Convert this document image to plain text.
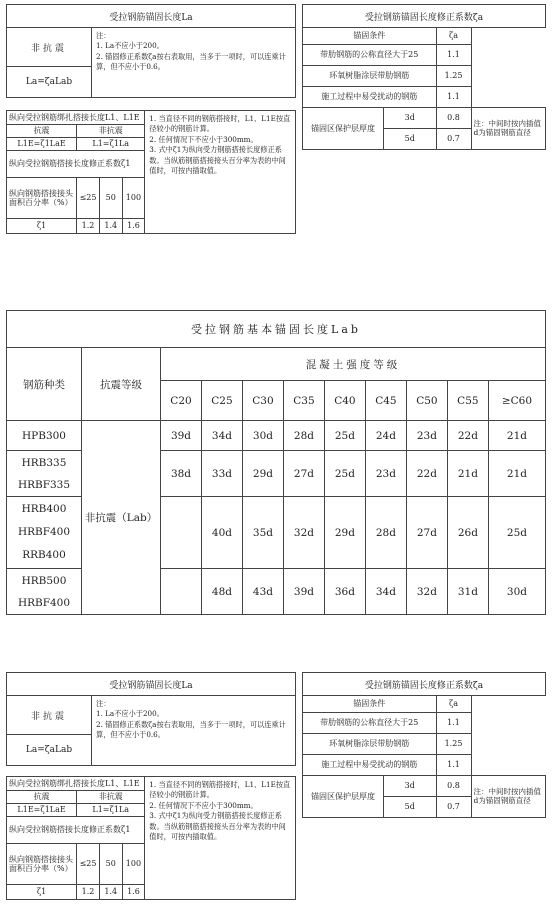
受拉钢筋锚固长度La
非抗震	
注：
1. La不应小于200。
2. 锚固修正系数ζa按右表取用，当多于一项时，可以连乘计算，但不应小于0.6。

La=ζaLab
纵向受拉钢筋绑扎搭接长度L1、L1E				1. 当直径不同的钢筋搭接时，L1、L1E按直径较小的钢筋计算。
2. 任何情况下不应小于300mm。
3. 式中ζ1为纵向受力钢筋搭接长度修正系数。当纵筋钢筋搭接接头百分率为表的中间值时，可按内插取值。

抗震	非抗震			
L1E=ζ1LaE	L1=ζ1La			
纵向受拉钢筋搭接长度修正系数ζ1				
纵向钢筋搭接接头面积百分率（%）	≤25	50	100	
ζ1	1.2	1.4	1.6	
受拉钢筋锚固长度修正系数ζa			
锚固条件		ζa	
带肋钢筋的公称直径大于25		1.1	
环氧树脂涂层带肋钢筋		1.25	
施工过程中易受扰动的钢筋		1.1	
锚固区保护层厚度	3d	0.8	注：中间时按内插值d为锚固钢筋直径
	5d	0.7	
受拉钢筋基本锚固长度Lab										
钢筋种类	抗震等级	混凝土强度等级								
		C20	C25	C30	C35	C40	C45	C50	C55	≥C60

HPB300	非抗震（Lab）	39d	34d	30d	28d	25d	24d	23d	22d	21d

HRB335
HRBF335		38d	33d	29d	27d	25d	23d	22d	21d	21d

HRB400
HRBF400
RRB400			40d	35d	32d	29d	28d	27d	26d	25d

HRB500
HRBF400			48d	43d	39d	36d	34d	32d	31d	30d
受拉钢筋锚固长度La
非抗震	
注：
1. La不应小于200。
2. 锚固修正系数ζa按右表取用，当多于一项时，可以连乘计算，但不应小于0.6。

La=ζaLab
纵向受拉钢筋绑扎搭接长度L1、L1E				1. 当直径不同的钢筋搭接时，L1、L1E按直径较小的钢筋计算。
2. 任何情况下不应小于300mm。
3. 式中ζ1为纵向受力钢筋搭接长度修正系数。当纵筋钢筋搭接接头百分率为表的中间值时，可按内插取值。

抗震	非抗震			
L1E=ζ1LaE	L1=ζ1La			
纵向受拉钢筋搭接长度修正系数ζ1				
纵向钢筋搭接接头面积百分率（%）	≤25	50	100	
ζ1	1.2	1.4	1.6	
受拉钢筋锚固长度修正系数ζa			
锚固条件		ζa	
带肋钢筋的公称直径大于25		1.1	
环氧树脂涂层带肋钢筋		1.25	
施工过程中易受扰动的钢筋		1.1	
锚固区保护层厚度	3d	0.8	注：中间时按内插值d为锚固钢筋直径
	5d	0.7	
